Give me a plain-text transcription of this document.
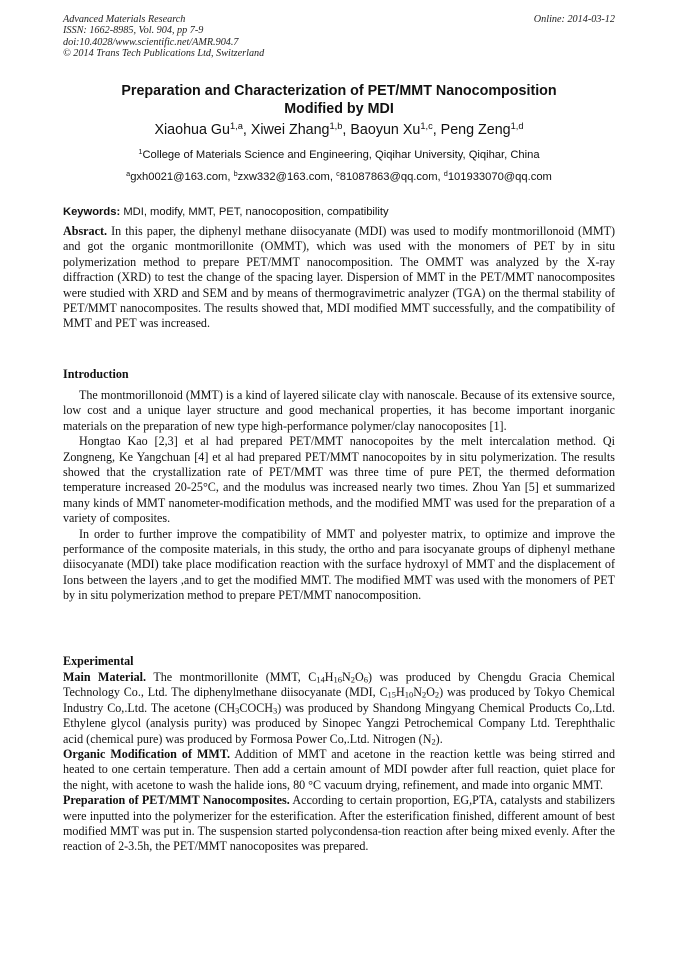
Advanced Materials Research
ISSN: 1662-8985, Vol. 904, pp 7-9
doi:10.4028/www.scientific.net/AMR.904.7
© 2014 Trans Tech Publications Ltd, Switzerland
Online: 2014-03-12
Preparation and Characterization of PET/MMT Nanocomposition
Modified by MDI
Xiaohua Gu$^{1,a}$, Xiwei Zhang$^{1,b}$, Baoyun Xu$^{1,c}$, Peng Zeng$^{1,d}$
$^1$College of Materials Science and Engineering, Qiqihar University, Qiqihar, China
$^a$gxh0021@163.com, $^b$zxw332@163.com, $^c$81087863@qq.com, $^d$101933070@qq.com
Keywords: MDI, modify, MMT, PET, nanocoposition, compatibility

Absract. In this paper, the diphenyl methane diisocyanate (MDI) was used to modify montmorillonoid (MMT) and got the organic montmorillonite (OMMT), which was used with the monomers of PET by in situ polymerization method to prepare PET/MMT nanocomposition. The OMMT was analyzed by the X-ray diffraction (XRD) to test the change of the spacing layer. Dispersion of MMT in the PET/MMT nanocomposites were studied with XRD and SEM and by means of thermogravimetric analyzer (TGA) on the thermal stability of PET/MMT nanocomposites. The results showed that, MDI modified MMT successfully, and the compatibility of MMT and PET was increased.

Introduction

The montmorillonoid (MMT) is a kind of layered silicate clay with nanoscale. Because of its extensive source, low cost and a unique layer structure and good mechanical properties, it has become important inorganic materials on the preparation of new type high-performance polymer/clay nanocoposites [1].

Hongtao Kao [2,3] et al had prepared PET/MMT nanocopoites by the melt intercalation method. Qi Zongneng, Ke Yangchuan [4] et al had prepared PET/MMT nanocopoites by in situ polymerization. The results showed that the crystallization rate of PET/MMT was three time of pure PET, the thermed deformation temperature increased 20-25°C, and the modulus was increased nearly two times. Zhou Yan [5] et summarized many kinds of MMT nanometer-modification methods, and the modified MMT was used for the preparation of a variety of composites.

In order to further improve the compatibility of MMT and polyester matrix, to optimize and improve the performance of the composite materials, in this study, the ortho and para isocyanate groups of diphenyl methane diisocyanate (MDI) take place modification reaction with the surface hydroxyl of MMT and the displacement of Ions between the layers ,and to get the modified MMT. The modified MMT was used with the monomers of PET by in situ polymerization method to prepare PET/MMT nanocomposition.

Experimental

Main Material. The montmorillonite (MMT, $C_{14}H_{16}N_2O_6$) was produced by Chengdu Gracia Chemical Technology Co., Ltd. The diphenylmethane diisocyanate (MDI, $C_{15}H_{10}N_2O_2$) was produced by Tokyo Chemical Industry Co,.Ltd. The acetone $(CH_3COCH_3)$ was produced by Shandong Mingyang Chemical Products Co,.Ltd. Ethylene glycol (analysis purity) was produced by Sinopec Yangzi Petrochemical Company Ltd. Terephthalic acid (chemical pure) was produced by Formosa Power Co,.Ltd. Nitrogen $(N_2)$.

Organic Modification of MMT. Addition of MMT and acetone in the reaction kettle was being stirred and heated to one certain temperature. Then add a certain amount of MDI powder after full reaction, quiet place for the night, with acetone to wash the halide ions, 80 °C vacuum drying, refinement, and made into organic MMT.

Preparation of PET/MMT Nanocomposites. According to certain proportion, EG,PTA, catalysts and stabilizers were inputted into the polymerizer for the esterification. After the esterification finished, different amount of best modified MMT was put in. The suspension started polycondensa-tion reaction after being mixed evenly. After the reaction of 2-3.5h, the PET/MMT nanocoposites was prepared.
